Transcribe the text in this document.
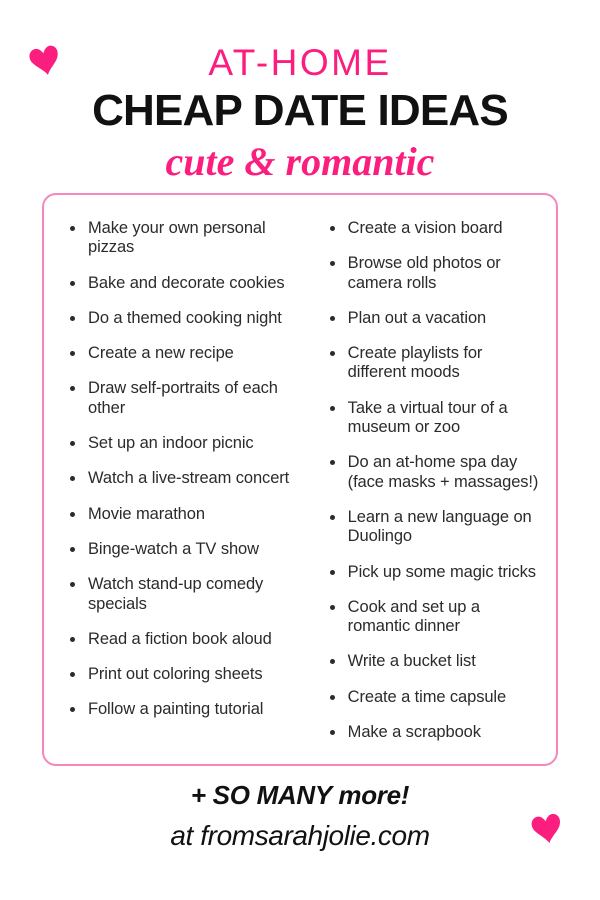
AT-HOME

CHEAP DATE IDEAS

cute & romantic

Make your own personal pizzas
Bake and decorate cookies
Do a themed cooking night
Create a new recipe
Draw self-portraits of each other
Set up an indoor picnic
Watch a live-stream concert
Movie marathon
Binge-watch a TV show
Watch stand-up comedy specials
Read a fiction book aloud
Print out coloring sheets
Follow a painting tutorial
Create a vision board
Browse old photos or camera rolls
Plan out a vacation
Create playlists for different moods
Take a virtual tour of a museum or zoo
Do an at-home spa day (face masks + massages!)
Learn a new language on Duolingo
Pick up some magic tricks
Cook and set up a romantic dinner
Write a bucket list
Create a time capsule
Make a scrapbook

+ SO MANY more!

at fromsarahjolie.com
